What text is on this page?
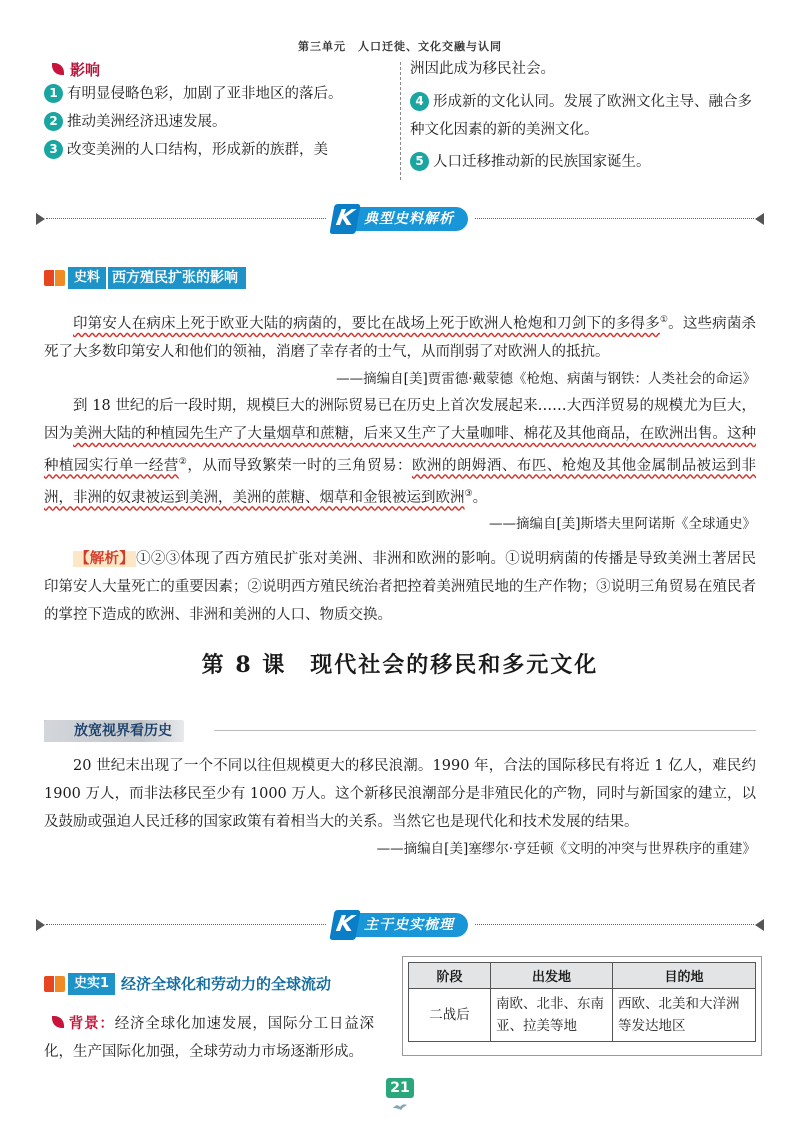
第三单元　人口迁徙、文化交融与认同
影响
1 有明显侵略色彩，加剧了亚非地区的落后。
2 推动美洲经济迅速发展。
3 改变美洲的人口结构，形成新的族群，美
洲因此成为移民社会。
4 形成新的文化认同。发展了欧洲文化主导、融合多种文化因素的新的美洲文化。
5 人口迁移推动新的民族国家诞生。
K 典型史料解析
史料 西方殖民扩张的影响

印第安人在病床上死于欧亚大陆的病菌的，要比在战场上死于欧洲人枪炮和刀剑下的多得多①。这些病菌杀死了大多数印第安人和他们的领袖，消磨了幸存者的士气，从而削弱了对欧洲人的抵抗。

——摘编自[美]贾雷德·戴蒙德《枪炮、病菌与钢铁：人类社会的命运》

到 18 世纪的后一段时期，规模巨大的洲际贸易已在历史上首次发展起来……大西洋贸易的规模尤为巨大，因为美洲大陆的种植园先生产了大量烟草和蔗糖，后来又生产了大量咖啡、棉花及其他商品，在欧洲出售。这种种植园实行单一经营②，从而导致繁荣一时的三角贸易：欧洲的朗姆酒、布匹、枪炮及其他金属制品被运到非洲，非洲的奴隶被运到美洲，美洲的蔗糖、烟草和金银被运到欧洲③。

——摘编自[美]斯塔夫里阿诺斯《全球通史》

【解析】 ①②③体现了西方殖民扩张对美洲、非洲和欧洲的影响。①说明病菌的传播是导致美洲土著居民印第安人大量死亡的重要因素；②说明西方殖民统治者把控着美洲殖民地的生产作物；③说明三角贸易在殖民者的掌控下造成的欧洲、非洲和美洲的人口、物质交换。

第 8 课　现代社会的移民和多元文化
放宽视界看历史

20 世纪末出现了一个不同以往但规模更大的移民浪潮。1990 年，合法的国际移民有将近 1 亿人，难民约 1900 万人，而非法移民至少有 1000 万人。这个新移民浪潮部分是非殖民化的产物，同时与新国家的建立，以及鼓励或强迫人民迁移的国家政策有着相当大的关系。当然它也是现代化和技术发展的结果。

——摘编自[美]塞缪尔·亨廷顿《文明的冲突与世界秩序的重建》
K 主干史实梳理
史实1 经济全球化和劳动力的全球流动
背景：经济全球化加速发展，国际分工日益深化，生产国际化加强，全球劳动力市场逐渐形成。
阶段	出发地	目的地
二战后	南欧、北非、东南亚、拉美等地	西欧、北美和大洋洲等发达地区
21
